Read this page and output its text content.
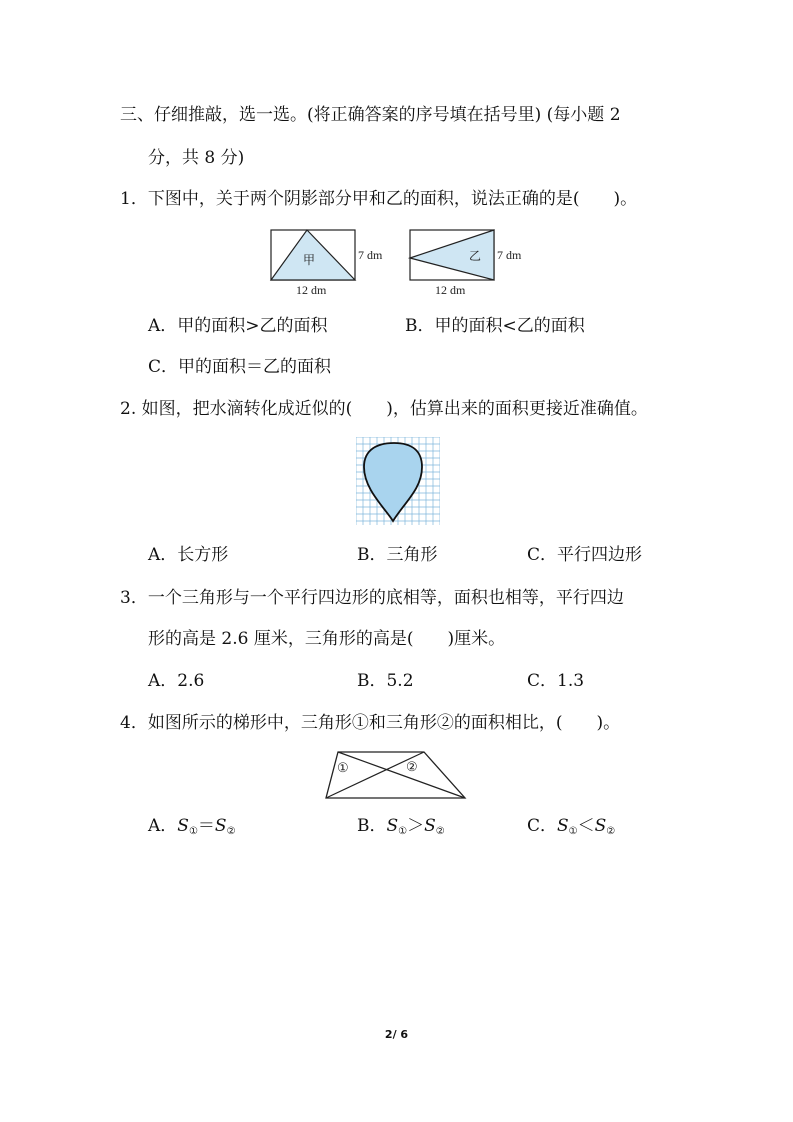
三、仔细推敲，选一选。(将正确答案的序号填在括号里) (每小题 2
分，共 8 分)
1．下图中，关于两个阴影部分甲和乙的面积，说法正确的是(　　)。
甲	7 dm
12 dm
乙 7 dm
12 dm
A．甲的面积>乙的面积	B．甲的面积<乙的面积
C．甲的面积＝乙的面积
2. 如图，把水滴转化成近似的(　　)，估算出来的面积更接近准确值。
A．长方形	B．三角形	C．平行四边形
3．一个三角形与一个平行四边形的底相等，面积也相等，平行四边
形的高是 2.6 厘米，三角形的高是(　　)厘米。
A．2.6	B．5.2	C．1.3
4．如图所示的梯形中，三角形①和三角形②的面积相比，(　　)。
①	②
A．$S_①=S_②$	B．$S_①>S_②$	C．$S_①<S_②$
2/ 6
